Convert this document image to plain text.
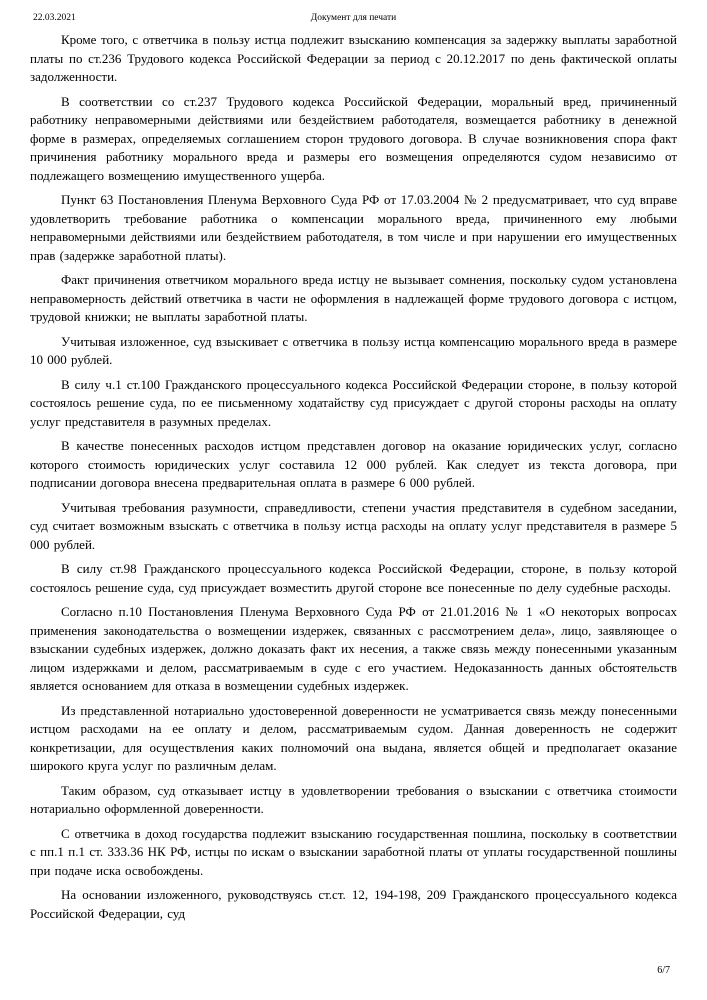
22.03.2021	Документ для печати

Кроме того, с ответчика в пользу истца подлежит взысканию компенсация за задержку выплаты заработной платы по ст.236 Трудового кодекса Российской Федерации за период с 20.12.2017 по день фактической оплаты задолженности.

В соответствии со ст.237 Трудового кодекса Российской Федерации, моральный вред, причиненный работнику неправомерными действиями или бездействием работодателя, возмещается работнику в денежной форме в размерах, определяемых соглашением сторон трудового договора. В случае возникновения спора факт причинения работнику морального вреда и размеры его возмещения определяются судом независимо от подлежащего возмещению имущественного ущерба.

Пункт 63 Постановления Пленума Верховного Суда РФ от 17.03.2004 № 2 предусматривает, что суд вправе удовлетворить требование работника о компенсации морального вреда, причиненного ему любыми неправомерными действиями или бездействием работодателя, в том числе и при нарушении его имущественных прав (задержке заработной платы).

Факт причинения ответчиком морального вреда истцу не вызывает сомнения, поскольку судом установлена неправомерность действий ответчика в части не оформления в надлежащей форме трудового договора с истцом, трудовой книжки; не выплаты заработной платы.

Учитывая изложенное, суд взыскивает с ответчика в пользу истца компенсацию морального вреда в размере 10 000 рублей.

В силу ч.1 ст.100 Гражданского процессуального кодекса Российской Федерации стороне, в пользу которой состоялось решение суда, по ее письменному ходатайству суд присуждает с другой стороны расходы на оплату услуг представителя в разумных пределах.

В качестве понесенных расходов истцом представлен договор на оказание юридических услуг, согласно которого стоимость юридических услуг составила 12 000 рублей. Как следует из текста договора, при подписании договора внесена предварительная оплата в размере 6 000 рублей.

Учитывая требования разумности, справедливости, степени участия представителя в судебном заседании, суд считает возможным взыскать с ответчика в пользу истца расходы на оплату услуг представителя в размере 5 000 рублей.

В силу ст.98 Гражданского процессуального кодекса Российской Федерации, стороне, в пользу которой состоялось решение суда, суд присуждает возместить другой стороне все понесенные по делу судебные расходы.

Согласно п.10 Постановления Пленума Верховного Суда РФ от 21.01.2016 № 1 «О некоторых вопросах применения законодательства о возмещении издержек, связанных с рассмотрением дела», лицо, заявляющее о взыскании судебных издержек, должно доказать факт их несения, а также связь между понесенными указанным лицом издержками и делом, рассматриваемым в суде с его участием. Недоказанность данных обстоятельств является основанием для отказа в возмещении судебных издержек.

Из представленной нотариально удостоверенной доверенности не усматривается связь между понесенными истцом расходами на ее оплату и делом, рассматриваемым судом. Данная доверенность не содержит конкретизации, для осуществления каких полномочий она выдана, является общей и предполагает оказание широкого круга услуг по различным делам.

Таким образом, суд отказывает истцу в удовлетворении требования о взыскании с ответчика стоимости нотариально оформленной доверенности.

С ответчика в доход государства подлежит взысканию государственная пошлина, поскольку в соответствии с пп.1 п.1 ст. 333.36 НК РФ, истцы по искам о взыскании заработной платы от уплаты государственной пошлины при подаче иска освобождены.

На основании изложенного, руководствуясь ст.ст. 12, 194-198, 209 Гражданского процессуального кодекса Российской Федерации, суд

6/7
